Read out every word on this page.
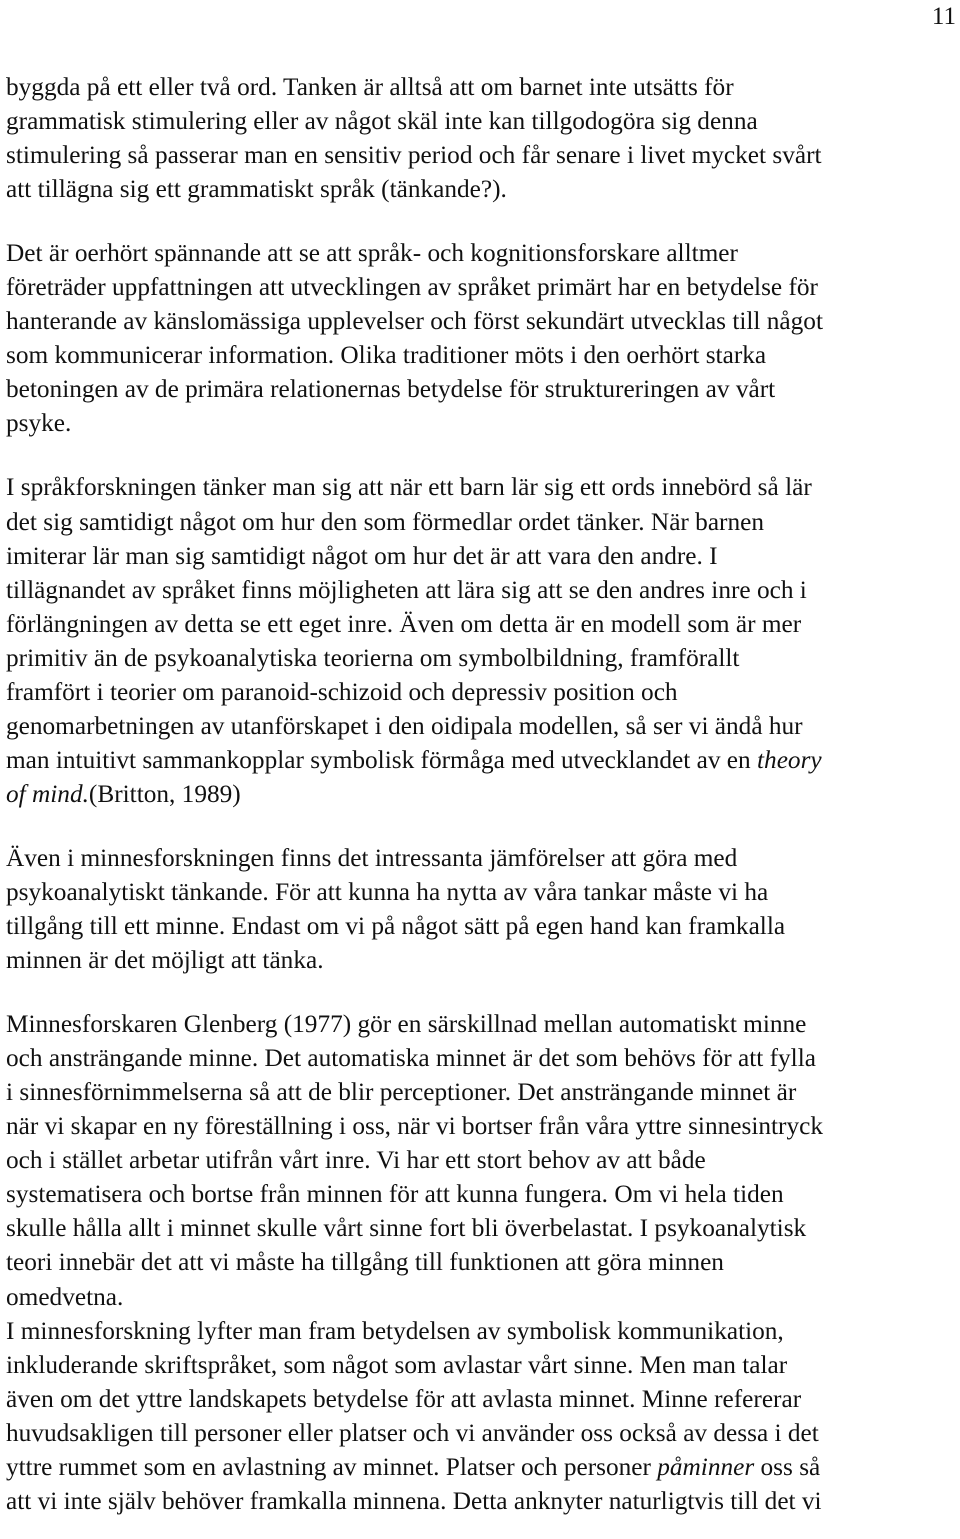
11

byggda på ett eller två ord. Tanken är alltså att om barnet inte utsätts för
grammatisk stimulering eller av något skäl inte kan tillgodogöra sig denna
stimulering så passerar man en sensitiv period och får senare i livet mycket svårt
att tillägna sig ett grammatiskt språk (tänkande?).

Det är oerhört spännande att se att språk- och kognitionsforskare alltmer
företräder uppfattningen att utvecklingen av språket primärt har en betydelse för
hanterande av känslomässiga upplevelser och först sekundärt utvecklas till något
som kommunicerar information. Olika traditioner möts i den oerhört starka
betoningen av de primära relationernas betydelse för struktureringen av vårt
psyke.

I språkforskningen tänker man sig att när ett barn lär sig ett ords innebörd så lär
det sig samtidigt något om hur den som förmedlar ordet tänker. När barnen
imiterar lär man sig samtidigt något om hur det är att vara den andre. I
tillägnandet av språket finns möjligheten att lära sig att se den andres inre och i
förlängningen av detta se ett eget inre. Även om detta är en modell som är mer
primitiv än de psykoanalytiska teorierna om symbolbildning, framförallt
framfört i teorier om paranoid-schizoid och depressiv position och
genomarbetningen av utanförskapet i den oidipala modellen, så ser vi ändå hur
man intuitivt sammankopplar symbolisk förmåga med utvecklandet av en theory
of mind.(Britton, 1989)

Även i minnesforskningen finns det intressanta jämförelser att göra med
psykoanalytiskt tänkande. För att kunna ha nytta av våra tankar måste vi ha
tillgång till ett minne. Endast om vi på något sätt på egen hand kan framkalla
minnen är det möjligt att tänka.

Minnesforskaren Glenberg (1977) gör en särskillnad mellan automatiskt minne
och ansträngande minne. Det automatiska minnet är det som behövs för att fylla
i sinnesförnimmelserna så att de blir perceptioner. Det ansträngande minnet är
när vi skapar en ny föreställning i oss, när vi bortser från våra yttre sinnesintryck
och i stället arbetar utifrån vårt inre. Vi har ett stort behov av att både
systematisera och bortse från minnen för att kunna fungera. Om vi hela tiden
skulle hålla allt i minnet skulle vårt sinne fort bli överbelastat. I psykoanalytisk
teori innebär det att vi måste ha tillgång till funktionen att göra minnen
omedvetna.

I minnesforskning lyfter man fram betydelsen av symbolisk kommunikation,
inkluderande skriftspråket, som något som avlastar vårt sinne. Men man talar
även om det yttre landskapets betydelse för att avlasta minnet. Minne refererar
huvudsakligen till personer eller platser och vi använder oss också av dessa i det
yttre rummet som en avlastning av minnet. Platser och personer påminner oss så
att vi inte själv behöver framkalla minnena. Detta anknyter naturligtvis till det vi
